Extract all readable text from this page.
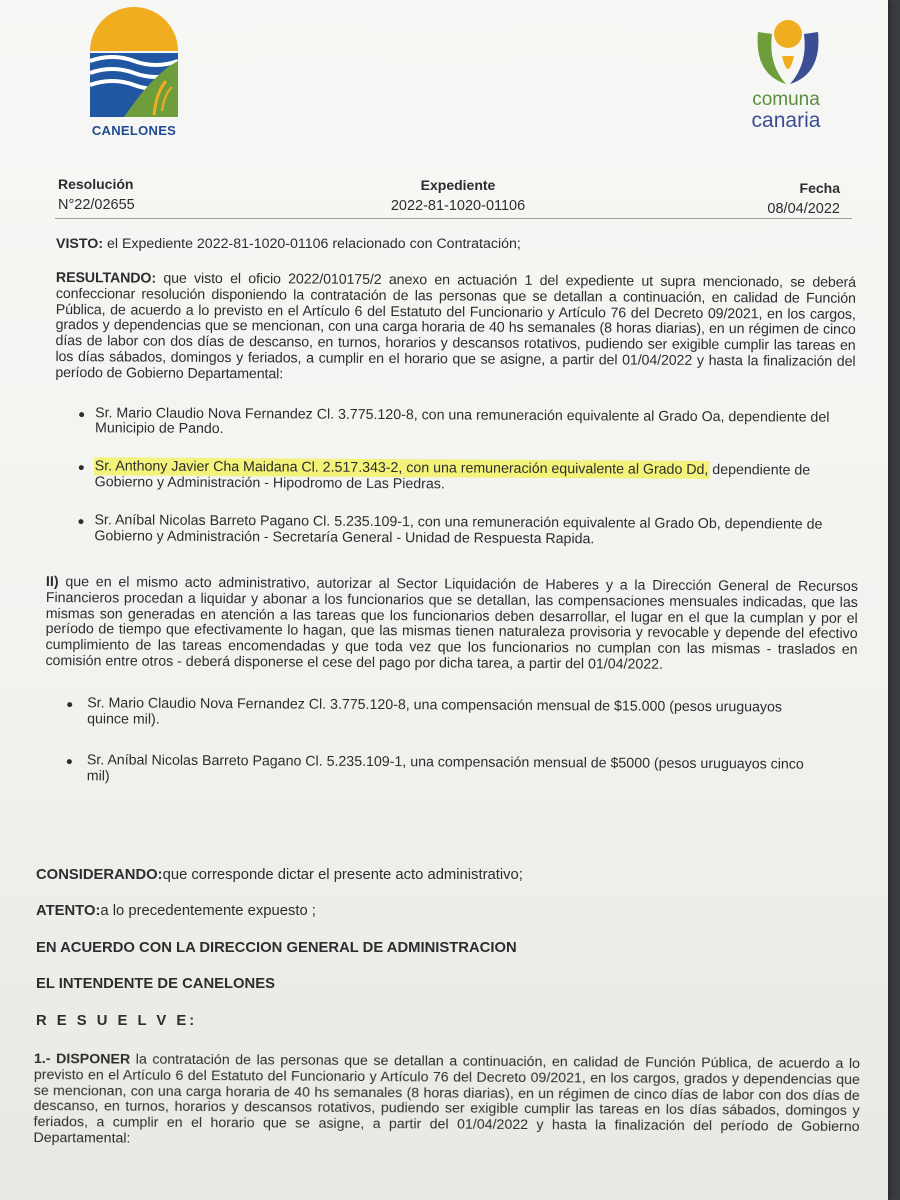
CANELONES
comuna
canaria
Resolución
N°22/02655
Expediente
2022-81-1020-01106
Fecha
08/04/2022
VISTO: el Expediente 2022-81-1020-01106 relacionado con Contratación;
RESULTANDO: que visto el oficio 2022/010175/2 anexo en actuación 1 del expediente ut supra mencionado, se deberá confeccionar resolución disponiendo la contratación de las personas que se detallan a continuación, en calidad de Función Pública, de acuerdo a lo previsto en el Artículo 6 del Estatuto del Funcionario y Artículo 76 del Decreto 09/2021, en los cargos, grados y dependencias que se mencionan, con una carga horaria de 40 hs semanales (8 horas diarias), en un régimen de cinco días de labor con dos días de descanso, en turnos, horarios y descansos rotativos, pudiendo ser exigible cumplir las tareas en los días sábados, domingos y feriados, a cumplir en el horario que se asigne, a partir del 01/04/2022 y hasta la finalización del período de Gobierno Departamental:
Sr. Mario Claudio Nova Fernandez Cl. 3.775.120-8, con una remuneración equivalente al Grado Oa, dependiente del Municipio de Pando.
Sr. Anthony Javier Cha Maidana Cl. 2.517.343-2, con una remuneración equivalente al Grado Dd, dependiente de Gobierno y Administración - Hipodromo de Las Piedras.
Sr. Aníbal Nicolas Barreto Pagano Cl. 5.235.109-1, con una remuneración equivalente al Grado Ob, dependiente de Gobierno y Administración - Secretaría General - Unidad de Respuesta Rapida.
II) que en el mismo acto administrativo, autorizar al Sector Liquidación de Haberes y a la Dirección General de Recursos Financieros procedan a liquidar y abonar a los funcionarios que se detallan, las compensaciones mensuales indicadas, que las mismas son generadas en atención a las tareas que los funcionarios deben desarrollar, el lugar en el que la cumplan y por el período de tiempo que efectivamente lo hagan, que las mismas tienen naturaleza provisoria y revocable y depende del efectivo cumplimiento de las tareas encomendadas y que toda vez que los funcionarios no cumplan con las mismas - traslados en comisión entre otros - deberá disponerse el cese del pago por dicha tarea, a partir del 01/04/2022.
Sr. Mario Claudio Nova Fernandez Cl. 3.775.120-8, una compensación mensual de $15.000 (pesos uruguayos quince mil).
Sr. Aníbal Nicolas Barreto Pagano Cl. 5.235.109-1, una compensación mensual de $5000 (pesos uruguayos cinco mil)
CONSIDERANDO:que corresponde dictar el presente acto administrativo;
ATENTO:a lo precedentemente expuesto ;
EN ACUERDO CON LA DIRECCION GENERAL DE ADMINISTRACION
EL INTENDENTE DE CANELONES
R E S U E L V E:
1.- DISPONER la contratación de las personas que se detallan a continuación, en calidad de Función Pública, de acuerdo a lo previsto en el Artículo 6 del Estatuto del Funcionario y Artículo 76 del Decreto 09/2021, en los cargos, grados y dependencias que se mencionan, con una carga horaria de 40 hs semanales (8 horas diarias), en un régimen de cinco días de labor con dos días de descanso, en turnos, horarios y descansos rotativos, pudiendo ser exigible cumplir las tareas en los días sábados, domingos y feriados, a cumplir en el horario que se asigne, a partir del 01/04/2022 y hasta la finalización del período de Gobierno Departamental:
